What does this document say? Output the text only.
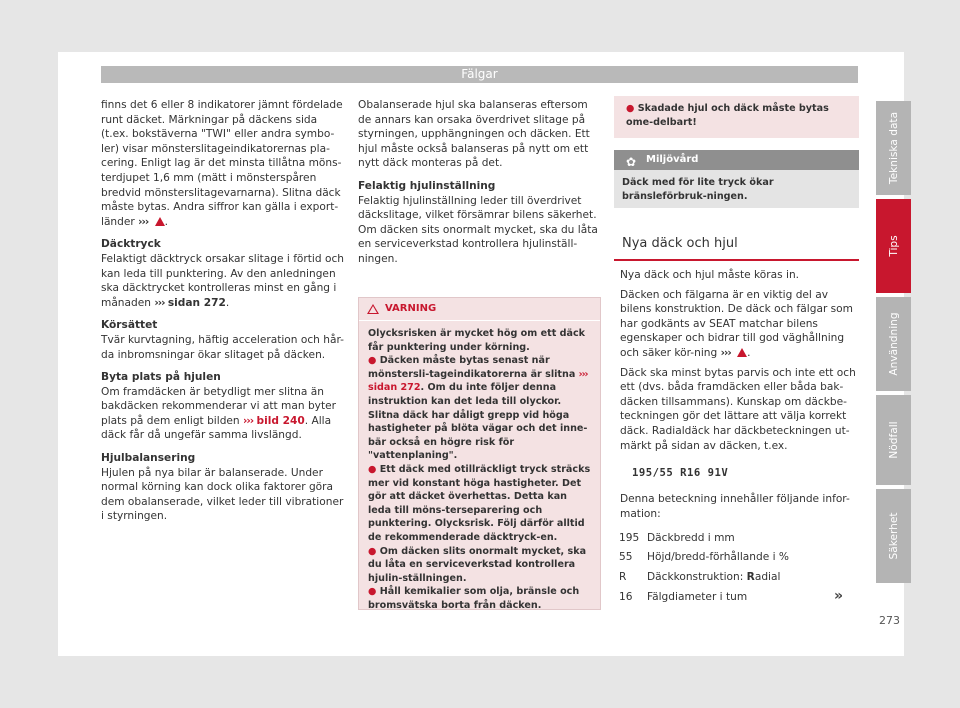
Fälgar

finns det 6 eller 8 indikatorer jämnt fördelade runt däcket. Märkningar på däckens sida (t.ex. bokstäverna "TWI" eller andra symbo-ler) visar mönsterslitageindikatorernas pla-cering. Enligt lag är det minsta tillåtna möns-terdjupet 1,6 mm (mätt i mönsterspåren bredvid mönsterslitagevarnarna). Slitna däck måste bytas. Andra siffror kan gälla i export-länder ››› .

Däcktryck

Felaktigt däcktryck orsakar slitage i förtid och kan leda till punktering. Av den anledningen ska däcktrycket kontrolleras minst en gång i månaden ››› sidan 272.

Körsättet

Tvär kurvtagning, häftig acceleration och hår-da inbromsningar ökar slitaget på däcken.

Byta plats på hjulen

Om framdäcken är betydligt mer slitna än bakdäcken rekommenderar vi att man byter plats på dem enligt bilden ››› bild 240. Alla däck får då ungefär samma livslängd.

Hjulbalansering

Hjulen på nya bilar är balanserade. Under normal körning kan dock olika faktorer göra dem obalanserade, vilket leder till vibrationer i styrningen.

Obalanserade hjul ska balanseras eftersom de annars kan orsaka överdrivet slitage på styrningen, upphängningen och däcken. Ett hjul måste också balanseras på nytt om ett nytt däck monteras på det.

Felaktig hjulinställning

Felaktig hjulinställning leder till överdrivet däckslitage, vilket försämrar bilens säkerhet. Om däcken sits onormalt mycket, ska du låta en serviceverkstad kontrollera hjulinställ-ningen.

VARNING

Olycksrisken är mycket hög om ett däck får punktering under körning.

● Däcken måste bytas senast när mönstersli-tageindikatorerna är slitna ››› sidan 272. Om du inte följer denna instruktion kan det leda till olyckor. Slitna däck har dåligt grepp vid höga hastigheter på blöta vägar och det inne-bär också en högre risk för "vattenplaning".

● Ett däck med otillräckligt tryck sträcks mer vid konstant höga hastigheter. Det gör att däcket överhettas. Detta kan leda till möns-terseparering och punktering. Olycksrisk. Följ därför alltid de rekommenderade däcktryck-en.

● Om däcken slits onormalt mycket, ska du låta en serviceverkstad kontrollera hjulin-ställningen.

● Håll kemikalier som olja, bränsle och bromsvätska borta från däcken.

● Skadade hjul och däck måste bytas ome-delbart!

✿ Miljövård
Däck med för lite tryck ökar bränsleförbruk-ningen.
Nya däck och hjul

Nya däck och hjul måste köras in.

Däcken och fälgarna är en viktig del av bilens konstruktion. De däck och fälgar som har godkänts av SEAT matchar bilens egenskaper och bidrar till god väghållning och säker kör-ning ››› .

Däck ska minst bytas parvis och inte ett och ett (dvs. båda framdäcken eller båda bak-däcken tillsammans). Kunskap om däckbe-teckningen gör det lättare att välja korrekt däck. Radialdäck har däckbeteckningen ut-märkt på sidan av däcken, t.ex.

195/55 R16 91V
Denna beteckning innehåller följande infor-mation:
195 Däckbredd i mm
55	Höjd/bredd-förhållande i %
R	Däckkonstruktion: Radial
16	Fälgdiameter i tum	»
Tekniska data
Tips
Användning
Nödfall
Säkerhet
273
